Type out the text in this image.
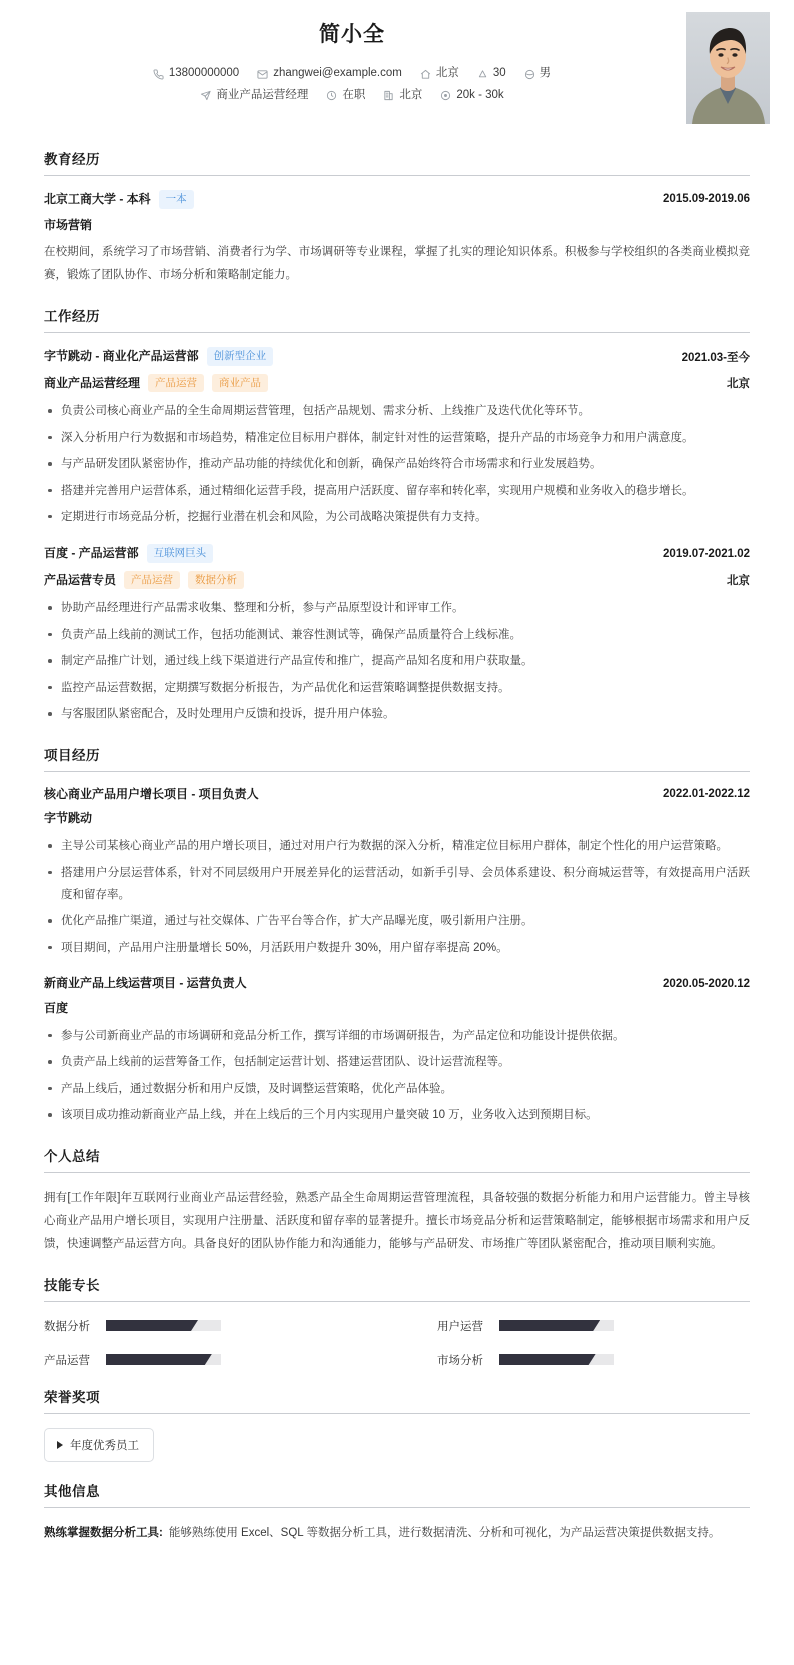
简小全
13800000000	zhangwei@example.com	北京	30	男
商业产品运营经理	在职	北京	20k - 30k
教育经历
北京工商大学 - 本科	一本	2015.09-2019.06
市场营销

在校期间，系统学习了市场营销、消费者行为学、市场调研等专业课程，掌握了扎实的理论知识体系。积极参与学校组织的各类商业模拟竞赛，锻炼了团队协作、市场分析和策略制定能力。

工作经历
字节跳动 - 商业化产品运营部	创新型企业	2021.03-至今
商业产品运营经理	产品运营	商业产品	北京
负责公司核心商业产品的全生命周期运营管理，包括产品规划、需求分析、上线推广及迭代优化等环节。
深入分析用户行为数据和市场趋势，精准定位目标用户群体，制定针对性的运营策略，提升产品的市场竞争力和用户满意度。
与产品研发团队紧密协作，推动产品功能的持续优化和创新，确保产品始终符合市场需求和行业发展趋势。
搭建并完善用户运营体系，通过精细化运营手段，提高用户活跃度、留存率和转化率，实现用户规模和业务收入的稳步增长。
定期进行市场竞品分析，挖掘行业潜在机会和风险，为公司战略决策提供有力支持。
百度 - 产品运营部	互联网巨头	2019.07-2021.02
产品运营专员	产品运营	数据分析	北京
协助产品经理进行产品需求收集、整理和分析，参与产品原型设计和评审工作。
负责产品上线前的测试工作，包括功能测试、兼容性测试等，确保产品质量符合上线标准。
制定产品推广计划，通过线上线下渠道进行产品宣传和推广，提高产品知名度和用户获取量。
监控产品运营数据，定期撰写数据分析报告，为产品优化和运营策略调整提供数据支持。
与客服团队紧密配合，及时处理用户反馈和投诉，提升用户体验。
项目经历
核心商业产品用户增长项目 - 项目负责人	2022.01-2022.12
字节跳动
主导公司某核心商业产品的用户增长项目，通过对用户行为数据的深入分析，精准定位目标用户群体，制定个性化的用户运营策略。
搭建用户分层运营体系，针对不同层级用户开展差异化的运营活动，如新手引导、会员体系建设、积分商城运营等，有效提高用户活跃度和留存率。
优化产品推广渠道，通过与社交媒体、广告平台等合作，扩大产品曝光度，吸引新用户注册。
项目期间，产品用户注册量增长 50%，月活跃用户数提升 30%，用户留存率提高 20%。
新商业产品上线运营项目 - 运营负责人	2020.05-2020.12
百度
参与公司新商业产品的市场调研和竞品分析工作，撰写详细的市场调研报告，为产品定位和功能设计提供依据。
负责产品上线前的运营筹备工作，包括制定运营计划、搭建运营团队、设计运营流程等。
产品上线后，通过数据分析和用户反馈，及时调整运营策略，优化产品体验。
该项目成功推动新商业产品上线，并在上线后的三个月内实现用户量突破 10 万，业务收入达到预期目标。
个人总结

拥有[工作年限]年互联网行业商业产品运营经验，熟悉产品全生命周期运营管理流程，具备较强的数据分析能力和用户运营能力。曾主导核心商业产品用户增长项目，实现用户注册量、活跃度和留存率的显著提升。擅长市场竞品分析和运营策略制定，能够根据市场需求和用户反馈，快速调整产品运营方向。具备良好的团队协作能力和沟通能力，能够与产品研发、市场推广等团队紧密配合，推动项目顺利实施。

技能专长
数据分析	用户运营
产品运营	市场分析
荣誉奖项
年度优秀员工
其他信息
熟练掌握数据分析工具: 能够熟练使用 Excel、SQL 等数据分析工具，进行数据清洗、分析和可视化，为产品运营决策提供数据支持。
